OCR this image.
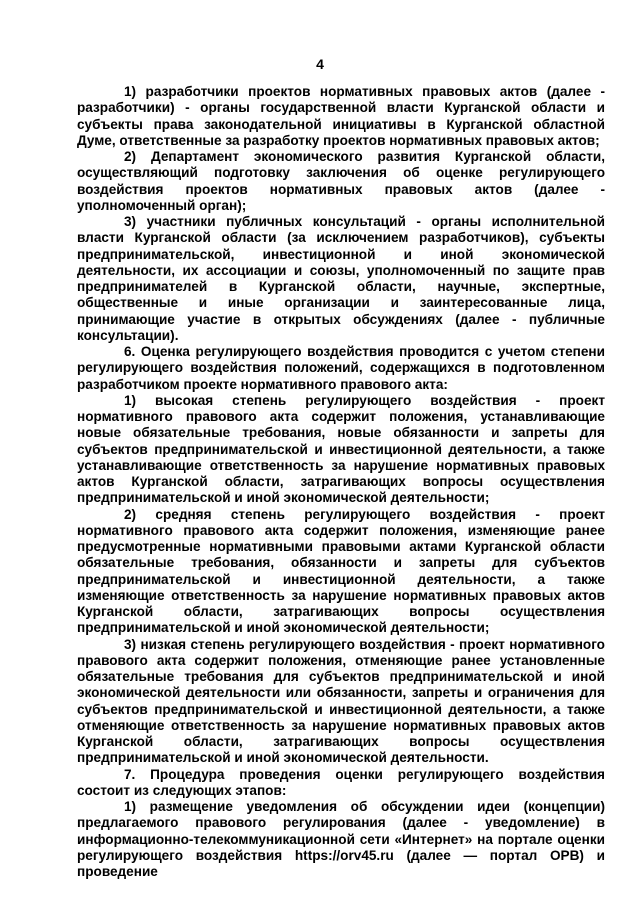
4

1) разработчики проектов нормативных правовых актов (далее - разработчики) - органы государственной власти Курганской области и субъекты права законодательной инициативы в Курганской областной Думе, ответственные за разработку проектов нормативных правовых актов;

2) Департамент экономического развития Курганской области, осуществляющий подготовку заключения об оценке регулирующего воздействия проектов нормативных правовых актов (далее - уполномоченный орган);

3) участники публичных консультаций - органы исполнительной власти Курганской области (за исключением разработчиков), субъекты предпринимательской, инвестиционной и иной экономической деятельности, их ассоциации и союзы, уполномоченный по защите прав предпринимателей в Курганской области, научные, экспертные, общественные и иные организации и заинтересованные лица, принимающие участие в открытых обсуждениях (далее - публичные консультации).

6. Оценка регулирующего воздействия проводится с учетом степени регулирующего воздействия положений, содержащихся в подготовленном разработчиком проекте нормативного правового акта:

1) высокая степень регулирующего воздействия - проект нормативного правового акта содержит положения, устанавливающие новые обязательные требования, новые обязанности и запреты для субъектов предпринимательской и инвестиционной деятельности, а также устанавливающие ответственность за нарушение нормативных правовых актов Курганской области, затрагивающих вопросы осуществления предпринимательской и иной экономической деятельности;

2) средняя степень регулирующего воздействия - проект нормативного правового акта содержит положения, изменяющие ранее предусмотренные нормативными правовыми актами Курганской области обязательные требования, обязанности и запреты для субъектов предпринимательской и инвестиционной деятельности, а также изменяющие ответственность за нарушение нормативных правовых актов Курганской области, затрагивающих вопросы осуществления предпринимательской и иной экономической деятельности;

3) низкая степень регулирующего воздействия - проект нормативного правового акта содержит положения, отменяющие ранее установленные обязательные требования для субъектов предпринимательской и иной экономической деятельности или обязанности, запреты и ограничения для субъектов предпринимательской и инвестиционной деятельности, а также отменяющие ответственность за нарушение нормативных правовых актов Курганской области, затрагивающих вопросы осуществления предпринимательской и иной экономической деятельности.

7. Процедура проведения оценки регулирующего воздействия состоит из следующих этапов:

1) размещение уведомления об обсуждении идеи (концепции) предлагаемого правового регулирования (далее - уведомление) в информационно-телекоммуникационной сети «Интернет» на портале оценки регулирующего воздействия https://orv45.ru (далее — портал ОРВ) и проведение
